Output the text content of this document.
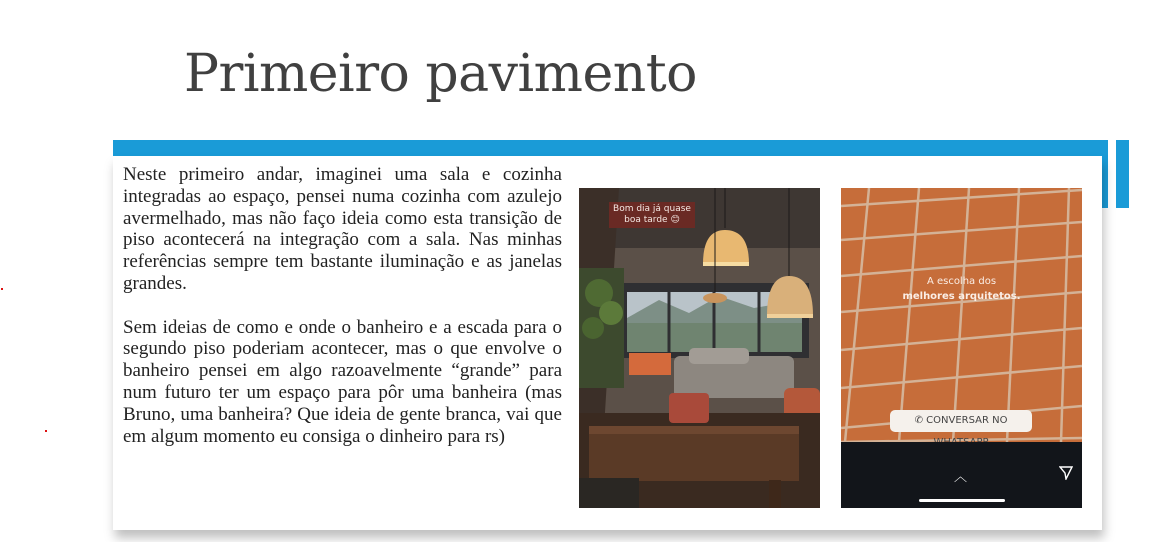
Primeiro pavimento

Neste primeiro andar, imaginei uma sala e cozinha integradas ao espaço, pensei numa cozinha com azulejo avermelhado, mas não faço ideia como esta transição de piso acontecerá na integração com a sala. Nas minhas referências sempre tem bastante iluminação e as janelas grandes.

Sem ideias de como e onde o banheiro e a escada para o segundo piso poderiam acontecer, mas o que envolve o banheiro pensei em algo razoavelmente “grande” para num futuro ter um espaço para pôr uma banheira (mas Bruno, uma banheira? Que ideia de gente branca, vai que em algum momento eu consiga o dinheiro para rs)

Bom dia já quase
boa tarde 😊
A escolha dos
melhores arquitetos.
✆ CONVERSAR NO
︿
